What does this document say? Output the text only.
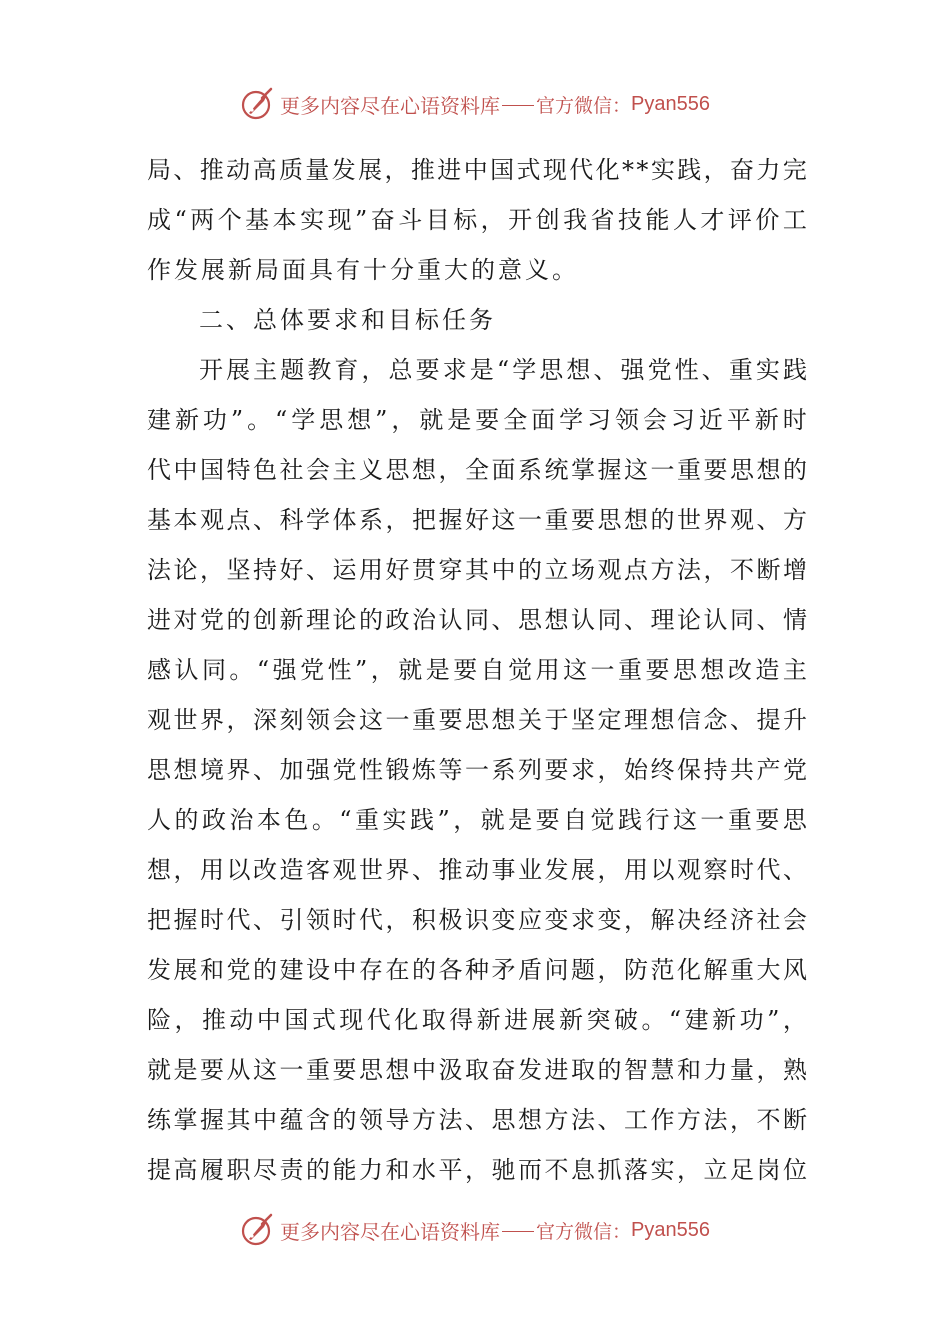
更多内容尽在心语资料库 官方微信： Pyan556
局 、 推 动 高 质 量 发 展 ， 推 进 中 国 式 现 代 化 * * 实 践 ， 奋 力 完
成 “ 两 个 基 本 实 现 ” 奋 斗 目 标 ， 开 创 我 省 技 能 人 才 评 价 工
作发展新局面具有十分重大的意义。
二、总体要求和目标任务
开 展 主 题 教 育 ， 总 要 求 是 “ 学 思 想 、 强 党 性 、 重 实 践
建 新 功 ” 。 “ 学 思 想 ” ， 就 是 要 全 面 学 习 领 会 习 近 平 新 时
代 中 国 特 色 社 会 主 义 思 想 ， 全 面 系 统 掌 握 这 一 重 要 思 想 的
基 本 观 点 、 科 学 体 系 ， 把 握 好 这 一 重 要 思 想 的 世 界 观 、 方
法 论 ， 坚 持 好 、 运 用 好 贯 穿 其 中 的 立 场 观 点 方 法 ， 不 断 增
进 对 党 的 创 新 理 论 的 政 治 认 同 、 思 想 认 同 、 理 论 认 同 、 情
感 认 同 。 “ 强 党 性 ” ， 就 是 要 自 觉 用 这 一 重 要 思 想 改 造 主
观 世 界 ， 深 刻 领 会 这 一 重 要 思 想 关 于 坚 定 理 想 信 念 、 提 升
思 想 境 界 、 加 强 党 性 锻 炼 等 一 系 列 要 求 ， 始 终 保 持 共 产 党
人 的 政 治 本 色 。 “ 重 实 践 ” ， 就 是 要 自 觉 践 行 这 一 重 要 思
想 ， 用 以 改 造 客 观 世 界 、 推 动 事 业 发 展 ， 用 以 观 察 时 代 、
把 握 时 代 、 引 领 时 代 ， 积 极 识 变 应 变 求 变 ， 解 决 经 济 社 会
发 展 和 党 的 建 设 中 存 在 的 各 种 矛 盾 问 题 ， 防 范 化 解 重 大 风
险 ， 推 动 中 国 式 现 代 化 取 得 新 进 展 新 突 破 。 “ 建 新 功 ” ，
就 是 要 从 这 一 重 要 思 想 中 汲 取 奋 发 进 取 的 智 慧 和 力 量 ， 熟
练 掌 握 其 中 蕴 含 的 领 导 方 法 、 思 想 方 法 、 工 作 方 法 ， 不 断
提 高 履 职 尽 责 的 能 力 和 水 平 ， 驰 而 不 息 抓 落 实 ， 立 足 岗 位
更多内容尽在心语资料库 官方微信： Pyan556
